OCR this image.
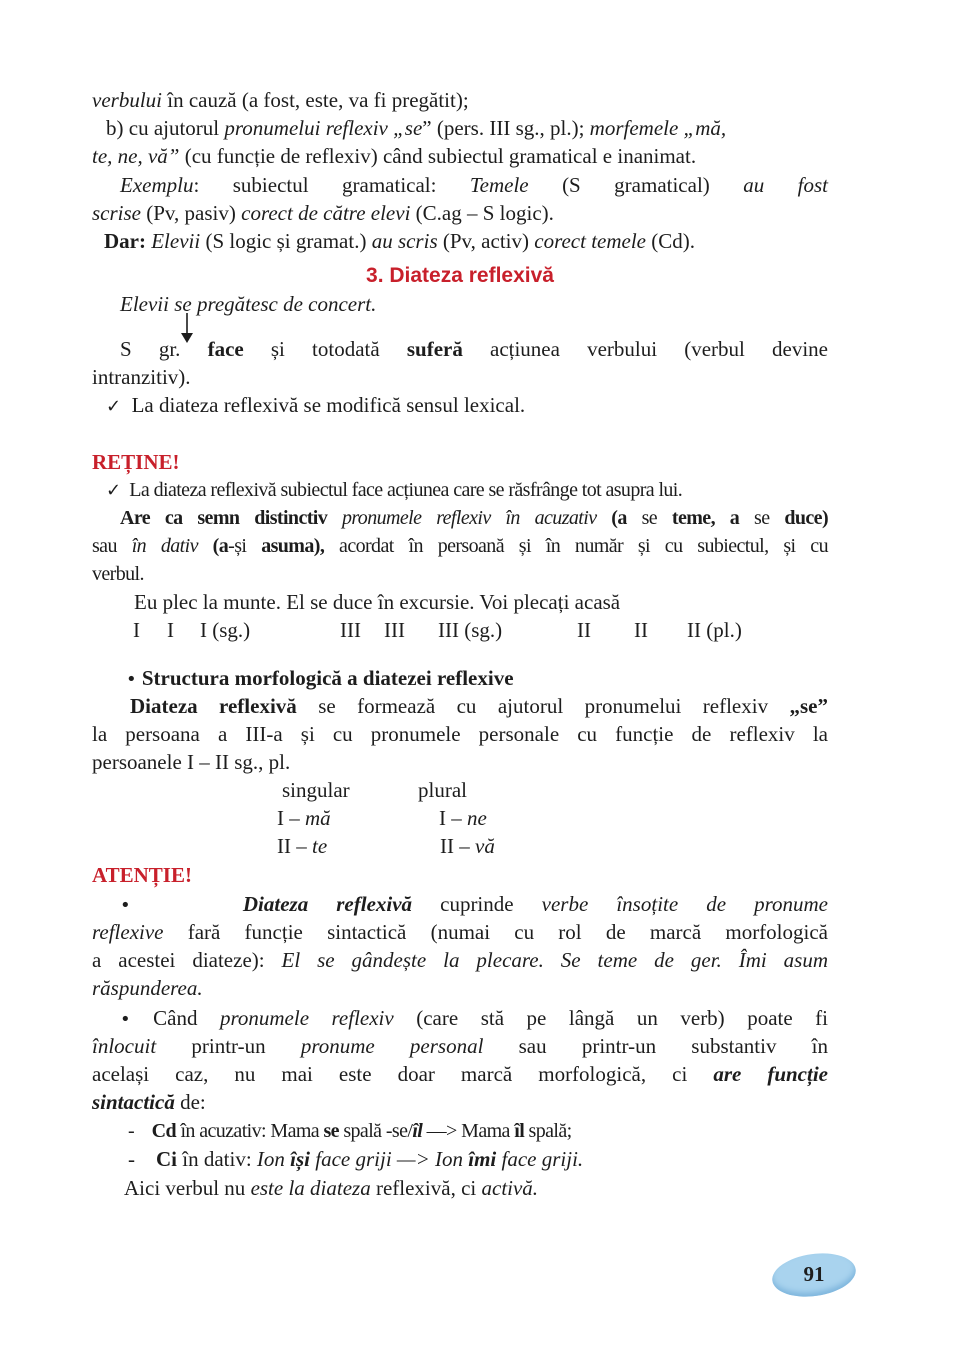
verbului în cauză (a fost, este, va fi pregătit);
b) cu ajutorul pronumelui reflexiv „se” (pers. III sg., pl.); morfemele „mă,
te, ne, vă” (cu funcție de reflexiv) când subiectul gramatical e inanimat.
Exemplu: subiectul gramatical: Temele (S gramatical) au fost
scrise (Pv, pasiv) corect de către elevi (C.ag – S logic).
Dar: Elevii (S logic și gramat.) au scris (Pv, activ) corect temele (Cd).
3. Diateza reflexivă
Elevii se pregătesc de concert.
S gr. face și totodată suferă acțiunea verbului (verbul devine
intranzitiv).
✓ La diateza reflexivă se modifică sensul lexical.
REȚINE!
✓ La diateza reflexivă subiectul face acțiunea care se răsfrânge tot asupra lui.
Are ca semn distinctiv pronumele reflexiv în acuzativ (a se teme, a se duce)
sau în dativ (a-și asuma), acordat în persoană și în număr și cu subiectul, și cu
verbul.
Eu plec la munte. El se duce în excursie. Voi plecați acasă
I I I (sg.)	III III III (sg.)	II II II (pl.)
• Structura morfologică a diatezei reflexive
Diateza reflexivă se formează cu ajutorul pronumelui reflexiv „se”
la persoana a III-a și cu pronumele personale cu funcție de reflexiv la
persoanele I – II sg., pl.
singular	plural
I – mă	I – ne
II – te	II – vă
ATENȚIE!
•	Diateza reflexivă cuprinde verbe însoțite de pronume
reflexive fară funcție sintactică (numai cu rol de marcă morfologică
a acestei diateze): El se gândește la plecare. Se teme de ger. Îmi asum
răspunderea.
• Când pronumele reflexiv (care stă pe lângă un verb) poate fi
înlocuit printr-un pronume personal sau printr-un substantiv în
același caz, nu mai este doar marcă morfologică, ci are funcție
sintactică de:
- Cd în acuzativ: Mama se spală -se/îl —> Mama îl spală;
- Ci în dativ: Ion își face griji —> Ion îmi face griji.
Aici verbul nu este la diateza reflexivă, ci activă.
91
